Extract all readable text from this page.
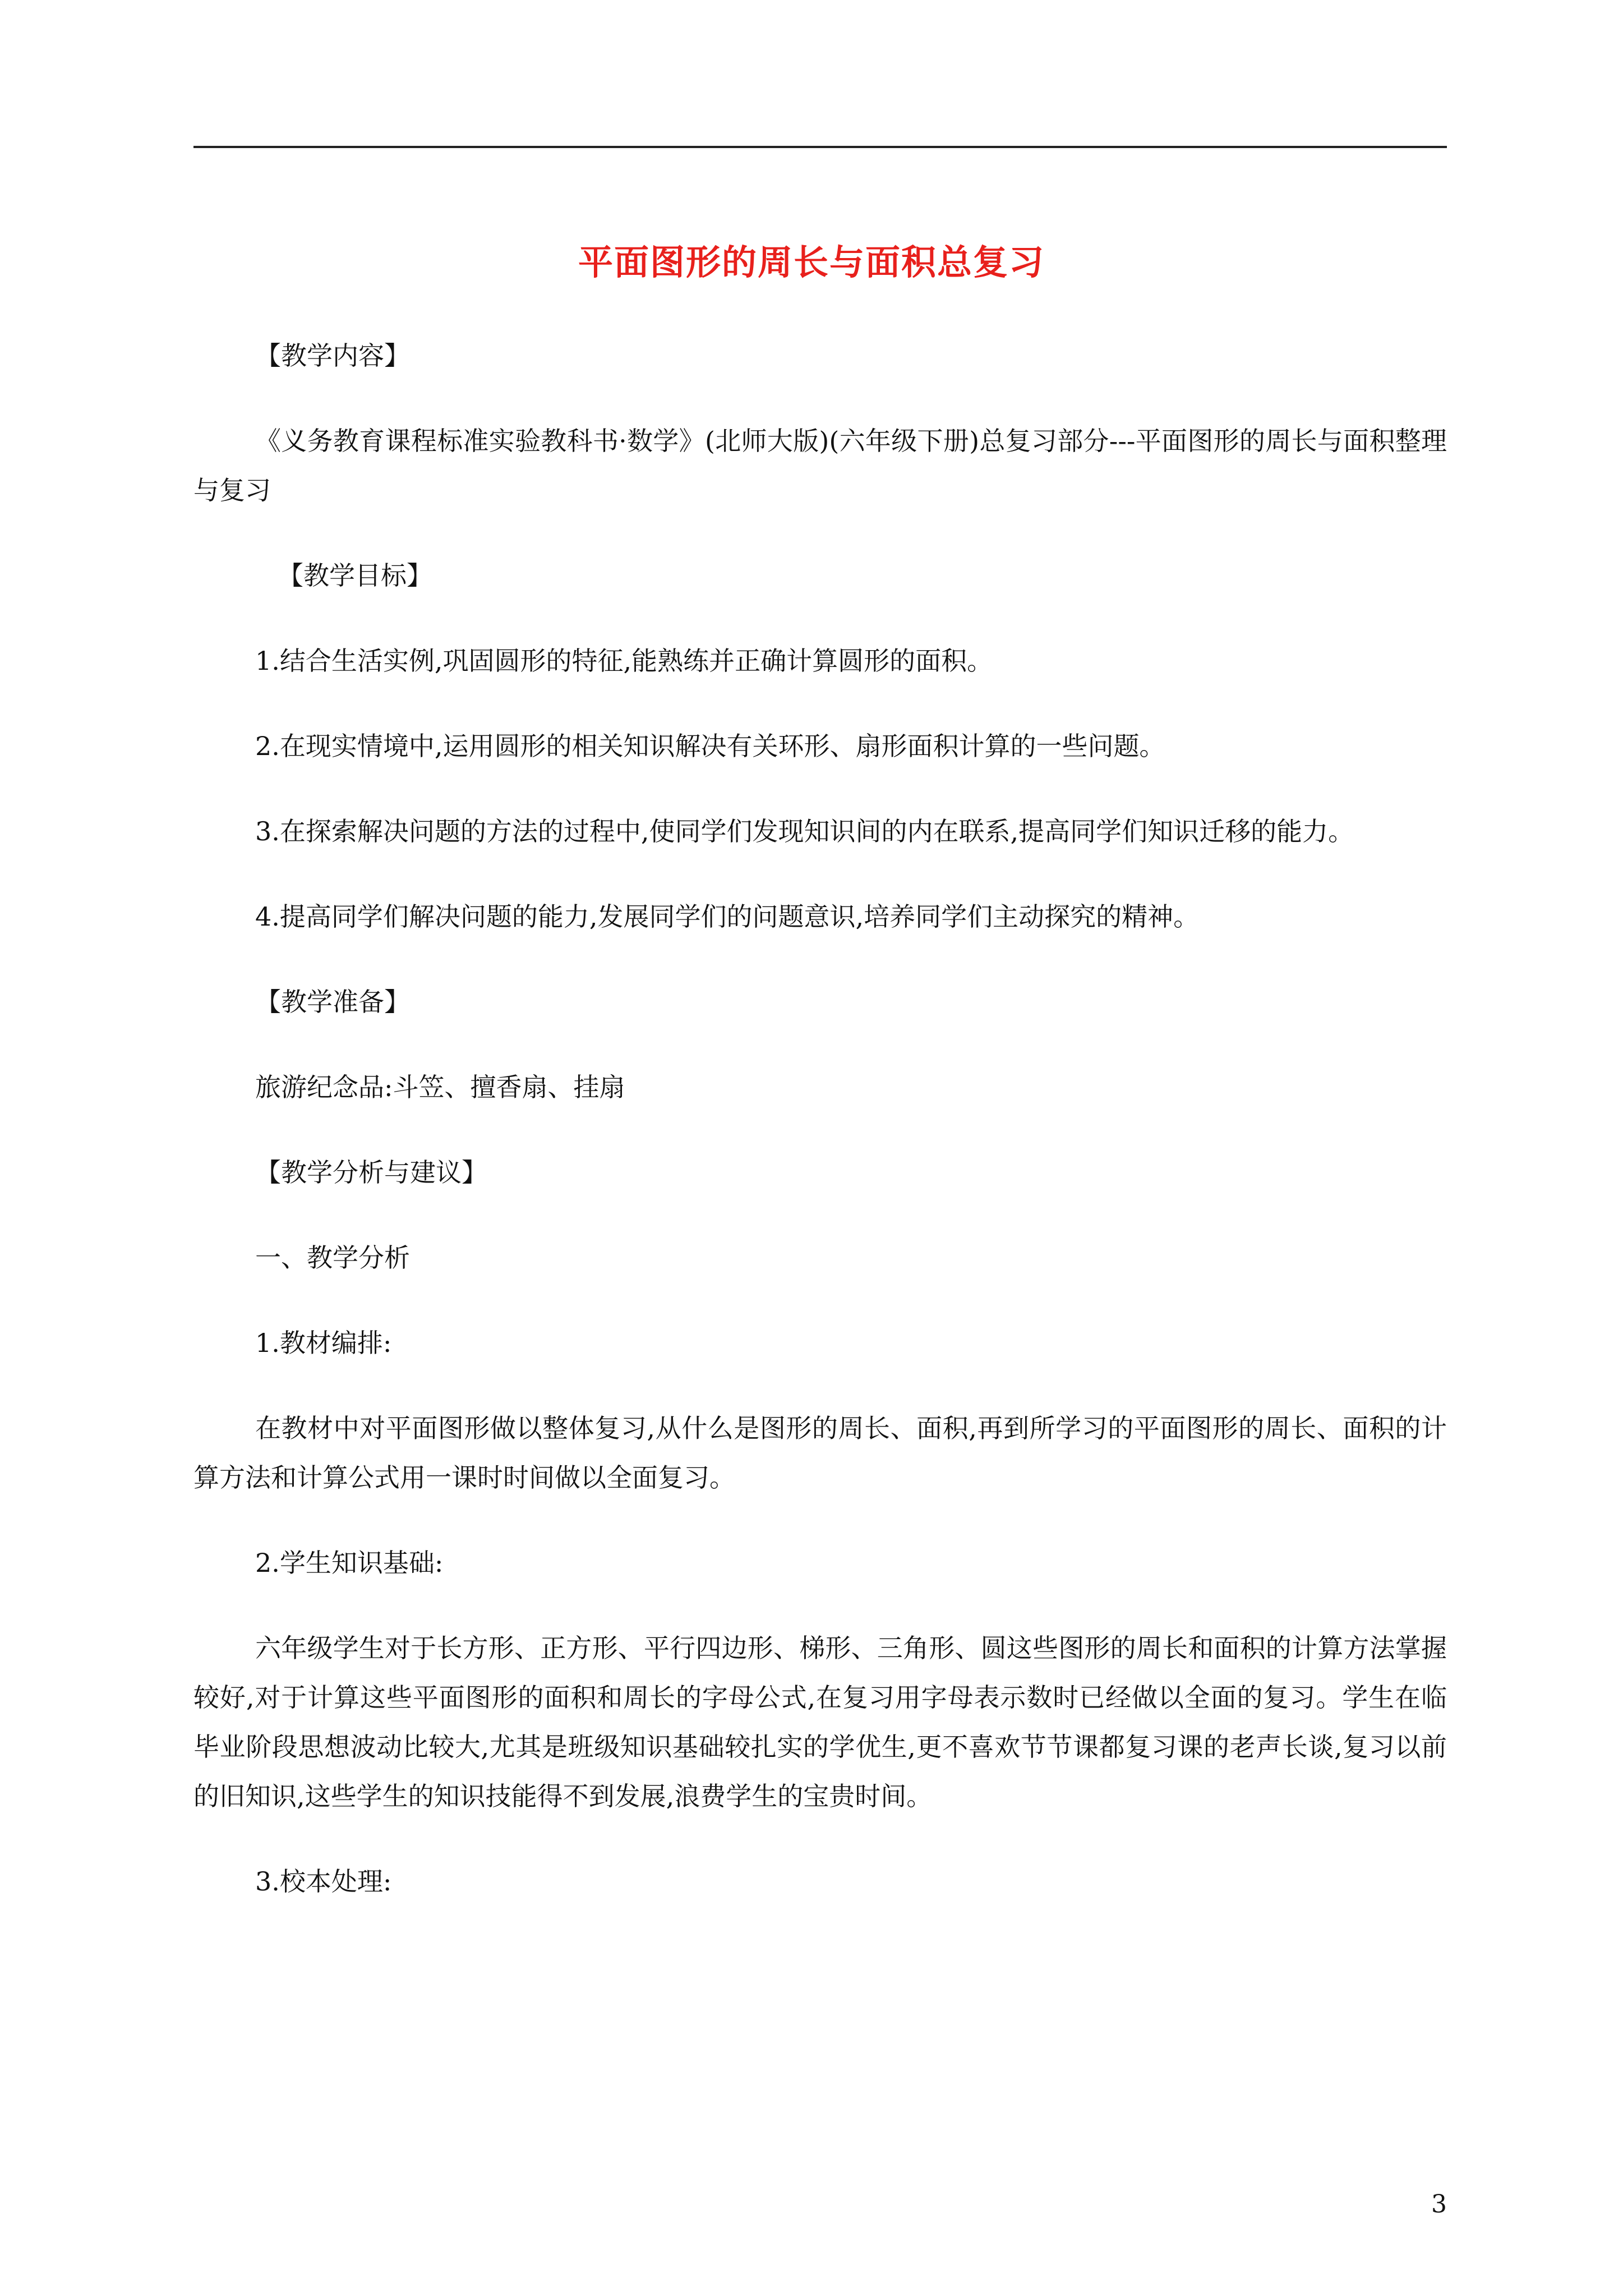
平面图形的周长与面积总复习

【教学内容】

《义务教育课程标准实验教科书·数学》(北师大版)(六年级下册)总复习部分---平面图形的周长与面积整理与复习

【教学目标】

1.结合生活实例,巩固圆形的特征,能熟练并正确计算圆形的面积。

2.在现实情境中,运用圆形的相关知识解决有关环形、扇形面积计算的一些问题。

3.在探索解决问题的方法的过程中,使同学们发现知识间的内在联系,提高同学们知识迁移的能力。

4.提高同学们解决问题的能力,发展同学们的问题意识,培养同学们主动探究的精神。

【教学准备】

旅游纪念品:斗笠、擅香扇、挂扇

【教学分析与建议】

一、教学分析

1.教材编排:

在教材中对平面图形做以整体复习,从什么是图形的周长、面积,再到所学习的平面图形的周长、面积的计算方法和计算公式用一课时时间做以全面复习。

2.学生知识基础:

六年级学生对于长方形、正方形、平行四边形、梯形、三角形、圆这些图形的周长和面积的计算方法掌握较好,对于计算这些平面图形的面积和周长的字母公式,在复习用字母表示数时已经做以全面的复习。学生在临毕业阶段思想波动比较大,尤其是班级知识基础较扎实的学优生,更不喜欢节节课都复习课的老声长谈,复习以前的旧知识,这些学生的知识技能得不到发展,浪费学生的宝贵时间。

3.校本处理:

3
